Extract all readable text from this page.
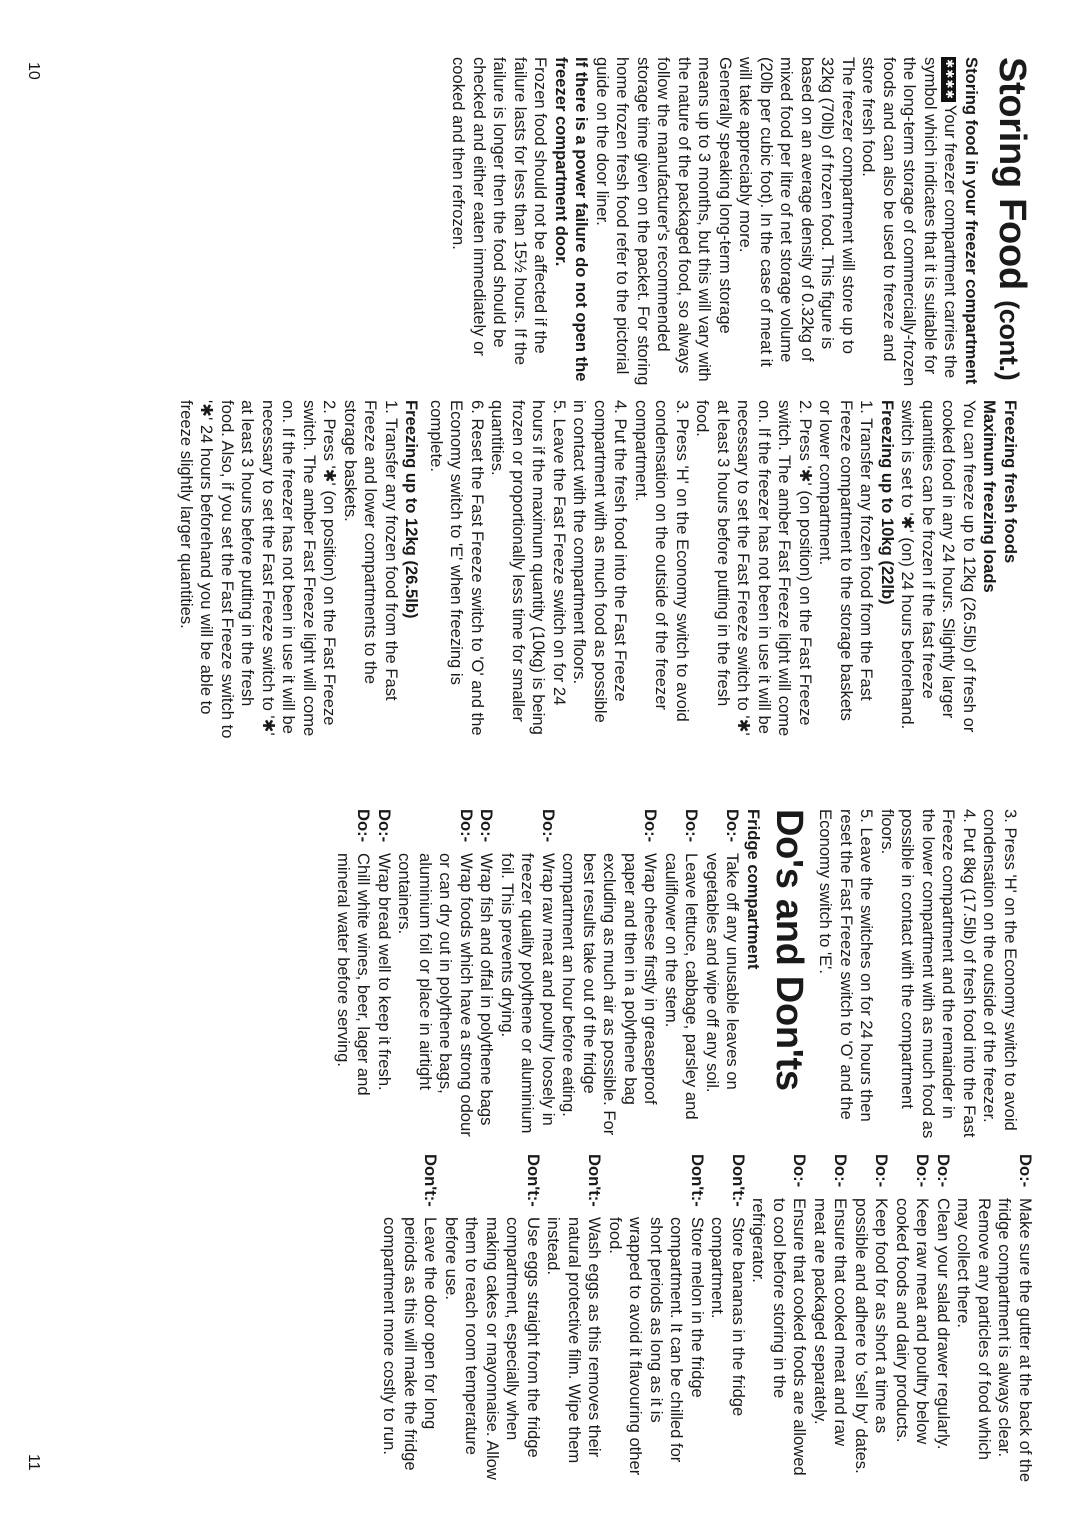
Storing Food (cont.)
Storing food in your freezer compartment

✱✱✱✱Your freezer compartment carries the symbol which indicates that it is suitable for the long-term storage of commercially-frozen foods and can also be used to freeze and store fresh food.

The freezer compartment will store up to 32kg (70lb) of frozen food. This figure is based on an average density of 0.32kg of mixed food per litre of net storage volume (20lb per cubic foot). In the case of meat it will take appreciably more.

Generally speaking long-term storage means up to 3 months, but this will vary with the nature of the packaged food, so always follow the manufacturer's recommended storage time given on the packet. For storing home frozen fresh food refer to the pictorial guide on the door liner.

If there is a power failure do not open the freezer compartment door.

Frozen food should not be affected if the failure lasts for less than 15½ hours. If the failure is longer then the food should be checked and either eaten immediately or cooked and then refrozen.

Freezing fresh foods
Maximum freezing loads

You can freeze up to 12kg (26.5lb) of fresh or cooked food in any 24 hours. Slightly larger quantities can be frozen if the fast freeze switch is set to '✱' (on) 24 hours beforehand.

Freezing up to 10kg (22lb)

1. Transfer any frozen food from the Fast Freeze compartment to the storage baskets or lower compartment.

2. Press '✱' (on position) on the Fast Freeze switch. The amber Fast Freeze light will come on. If the freezer has not been in use it will be necessary to set the Fast Freeze switch to '✱' at least 3 hours before putting in the fresh food.

3. Press 'H' on the Economy switch to avoid condensation on the outside of the freezer compartment.

4. Put the fresh food into the Fast Freeze compartment with as much food as possible in contact with the compartment floors.

5. Leave the Fast Freeze switch on for 24 hours if the maximum quantity (10kg) is being frozen or proportionally less time for smaller quantities.

6. Reset the Fast Freeze switch to 'O' and the Economy switch to 'E' when freezing is complete.

Freezing up to 12kg (26.5lb)

1. Transfer any frozen food from the Fast Freeze and lower compartments to the storage baskets.

2. Press '✱' (on position) on the Fast Freeze switch. The amber Fast Freeze light will come on. If the freezer has not been in use it will be necessary to set the Fast Freeze switch to '✱' at least 3 hours before putting in the fresh food. Also, if you set the Fast Freeze switch to '✱' 24 hours beforehand you will be able to freeze slightly larger quantities.

10

3. Press 'H' on the Economy switch to avoid condensation on the outside of the freezer.

4. Put 8kg (17.5lb) of fresh food into the Fast Freeze compartment and the remainder in the lower compartment with as much food as possible in contact with the compartment floors.

5. Leave the switches on for 24 hours then reset the Fast Freeze switch to 'O' and the Economy switch to 'E'.

Do's and Don'ts
Fridge compartment
Do:-
Take off any unusable leaves on vegetables and wipe off any soil.
Do:-
Leave lettuce, cabbage, parsley and cauliflower on the stem.
Do:-
Wrap cheese firstly in greaseproof paper and then in a polythene bag excluding as much air as possible. For best results take out of the fridge compartment an hour before eating.
Do:-
Wrap raw meat and poultry loosely in freezer quality polythene or aluminium foil. This prevents drying.
Do:-
Wrap fish and offal in polythene bags
Do:-
Wrap foods which have a strong odour or can dry out in polythene bags, aluminium foil or place in airtight containers.
Do:-
Wrap bread well to keep it fresh.
Do:-
Chill white wines, beer, lager and mineral water before serving.
Do:-
Make sure the gutter at the back of the fridge compartment is always clear. Remove any particles of food which may collect there.
Do:-
Clean your salad drawer regularly.
Do:-
Keep raw meat and poultry below cooked foods and dairy products.
Do:-
Keep food for as short a time as possible and adhere to 'sell by' dates.
Do:-
Ensure that cooked meat and raw meat are packaged separately.
Do:-
Ensure that cooked foods are allowed to cool before storing in the refrigerator.
Don't:-
Store bananas in the fridge compartment.
Don't:-
Store melon in the fridge compartment. It can be chilled for short periods as long as it is wrapped to avoid it flavouring other food.
Don't:-
Wash eggs as this removes their natural protective film. Wipe them instead.
Don't:-
Use eggs straight from the fridge compartment, especially when making cakes or mayonnaise. Allow them to reach room temperature before use.
Don't:-
Leave the door open for long periods as this will make the fridge compartment more costly to run.
11
